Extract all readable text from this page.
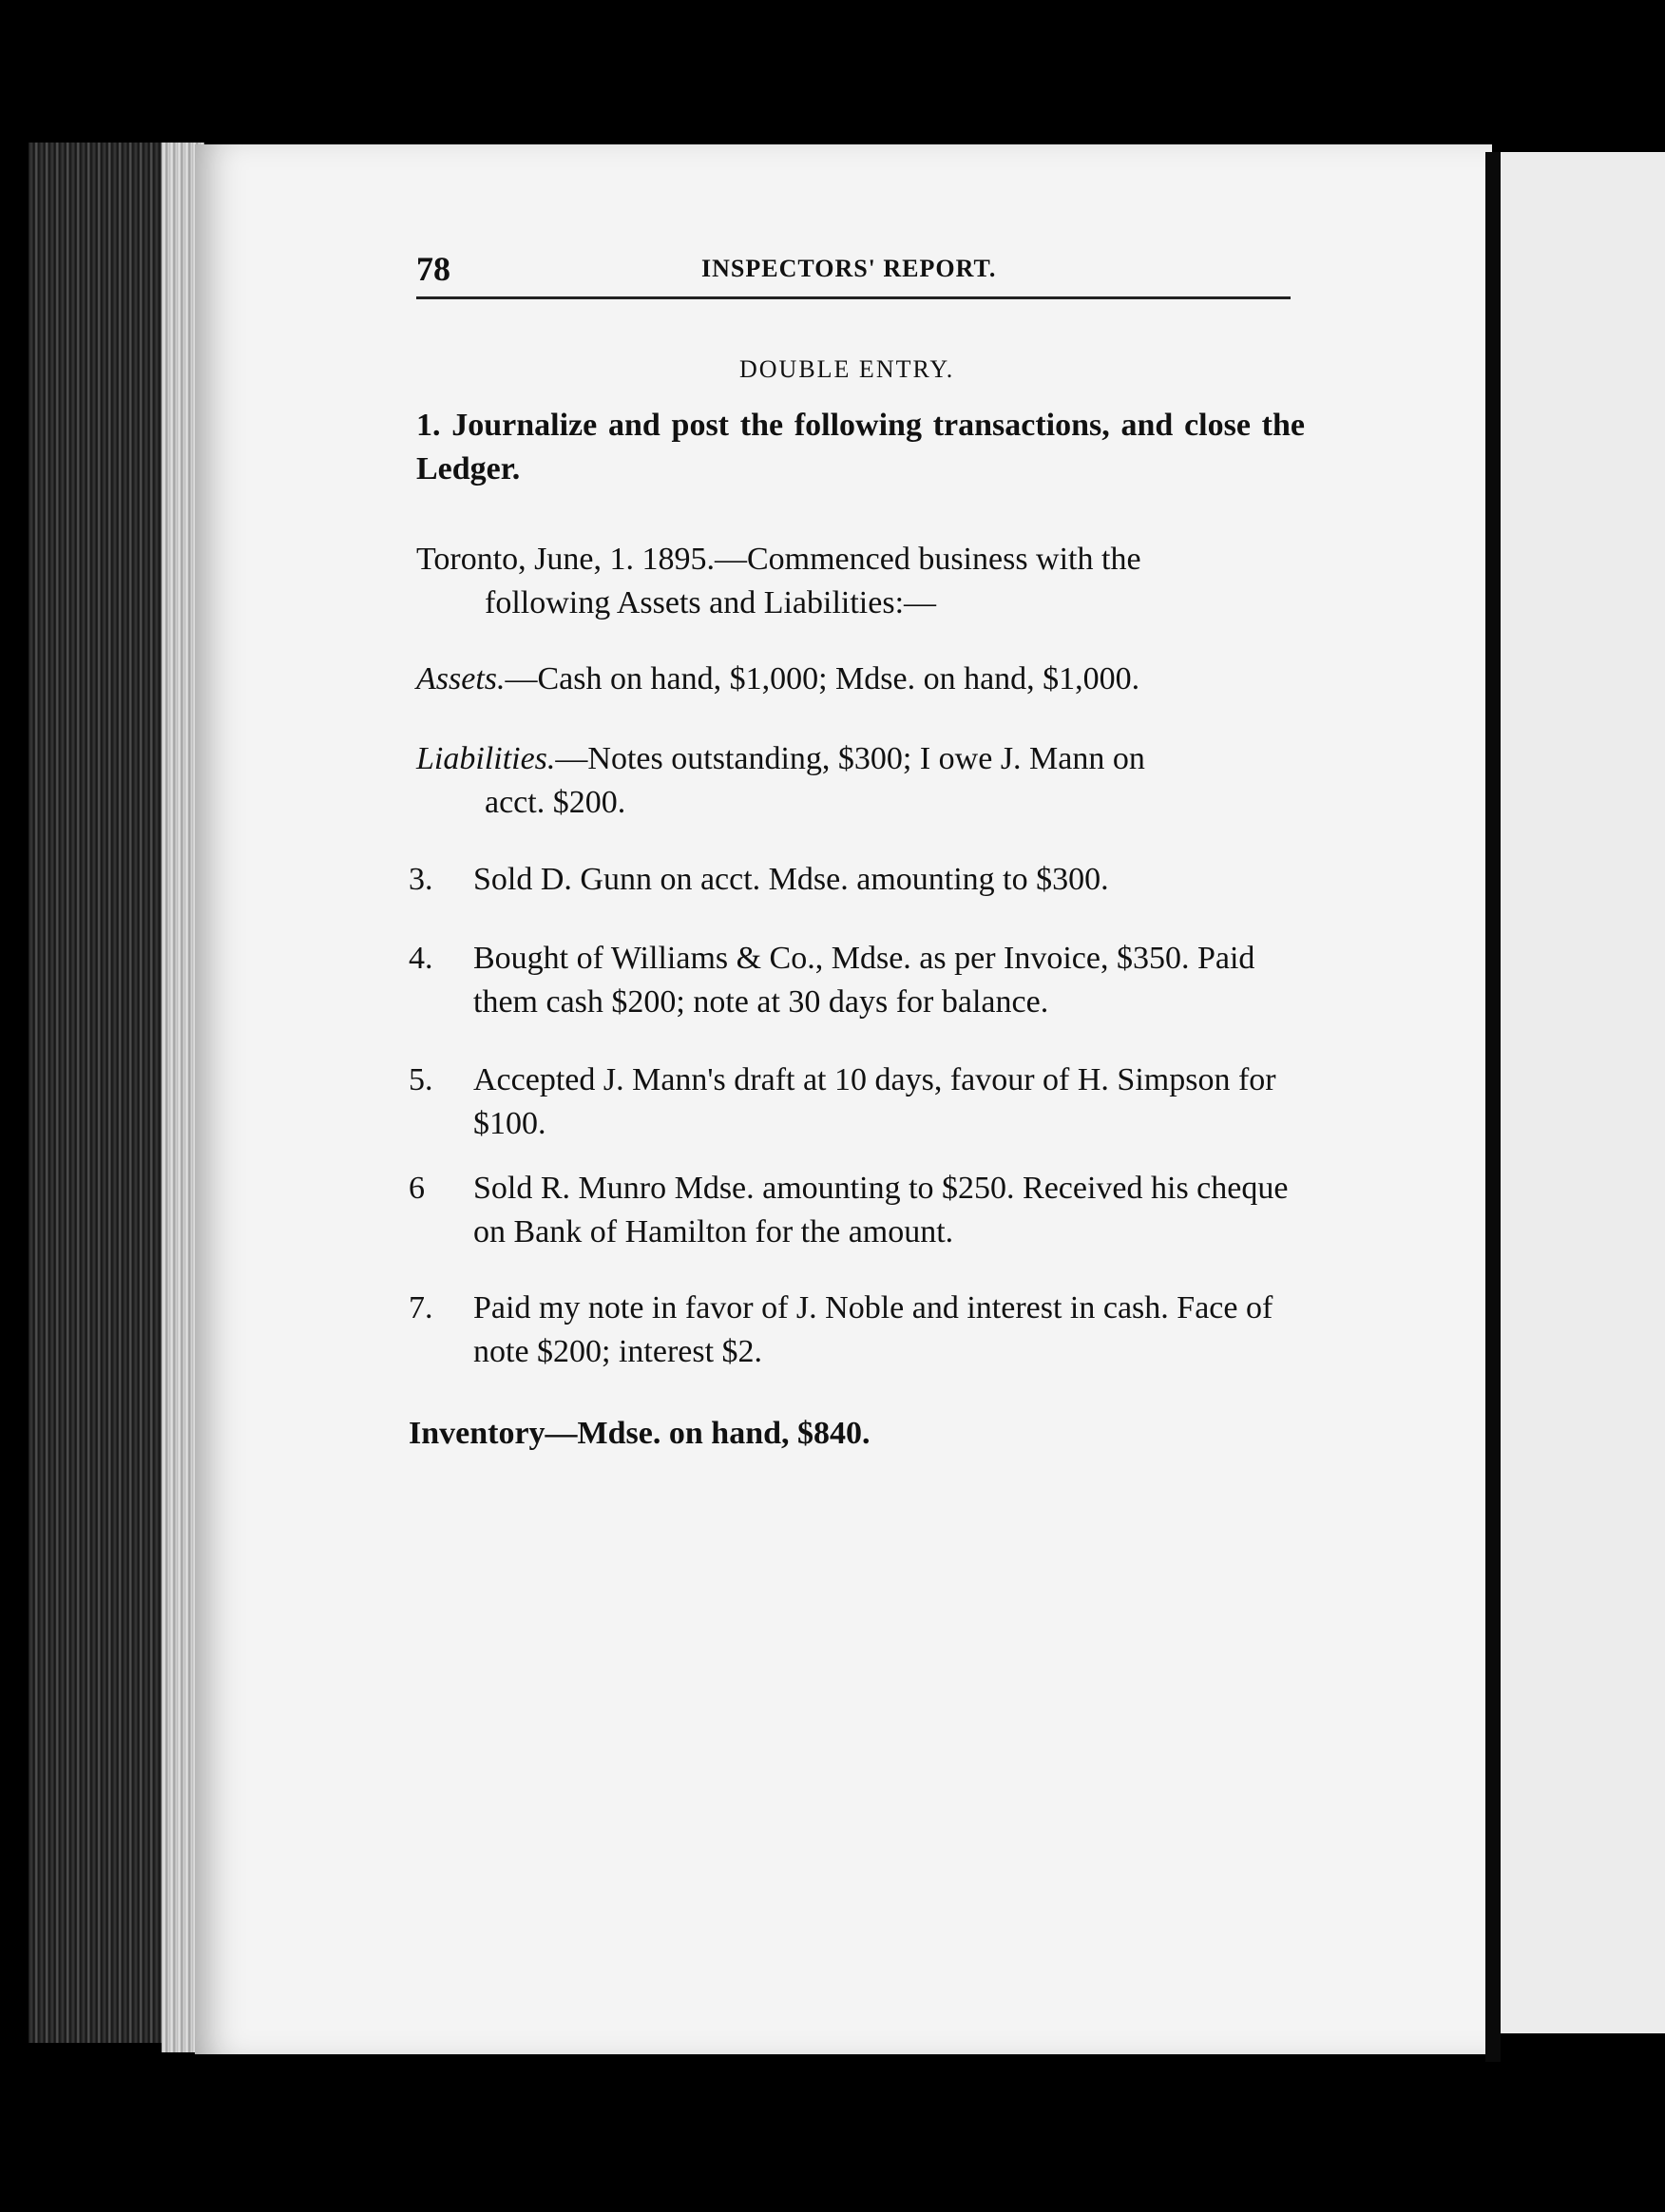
78	INSPECTORS' REPORT.
DOUBLE ENTRY.
1. Journalize and post the following transactions, and close the Ledger.
Toronto, June, 1. 1895.—Commenced business with the
following Assets and Liabilities:—
Assets.—Cash on hand, $1,000; Mdse. on hand, $1,000.
Liabilities.—Notes outstanding, $300; I owe J. Mann on
acct. $200.
3.	Sold D. Gunn on acct. Mdse. amounting to $300.
4.	Bought of Williams & Co., Mdse. as per Invoice, $350. Paid them cash $200; note at 30 days for balance.
5.	Accepted J. Mann's draft at 10 days, favour of H. Simpson for $100.
6	Sold R. Munro Mdse. amounting to $250. Received his cheque on Bank of Hamilton for the amount.
7.	Paid my note in favor of J. Noble and interest in cash. Face of note $200; interest $2.
Inventory—Mdse. on hand, $840.
